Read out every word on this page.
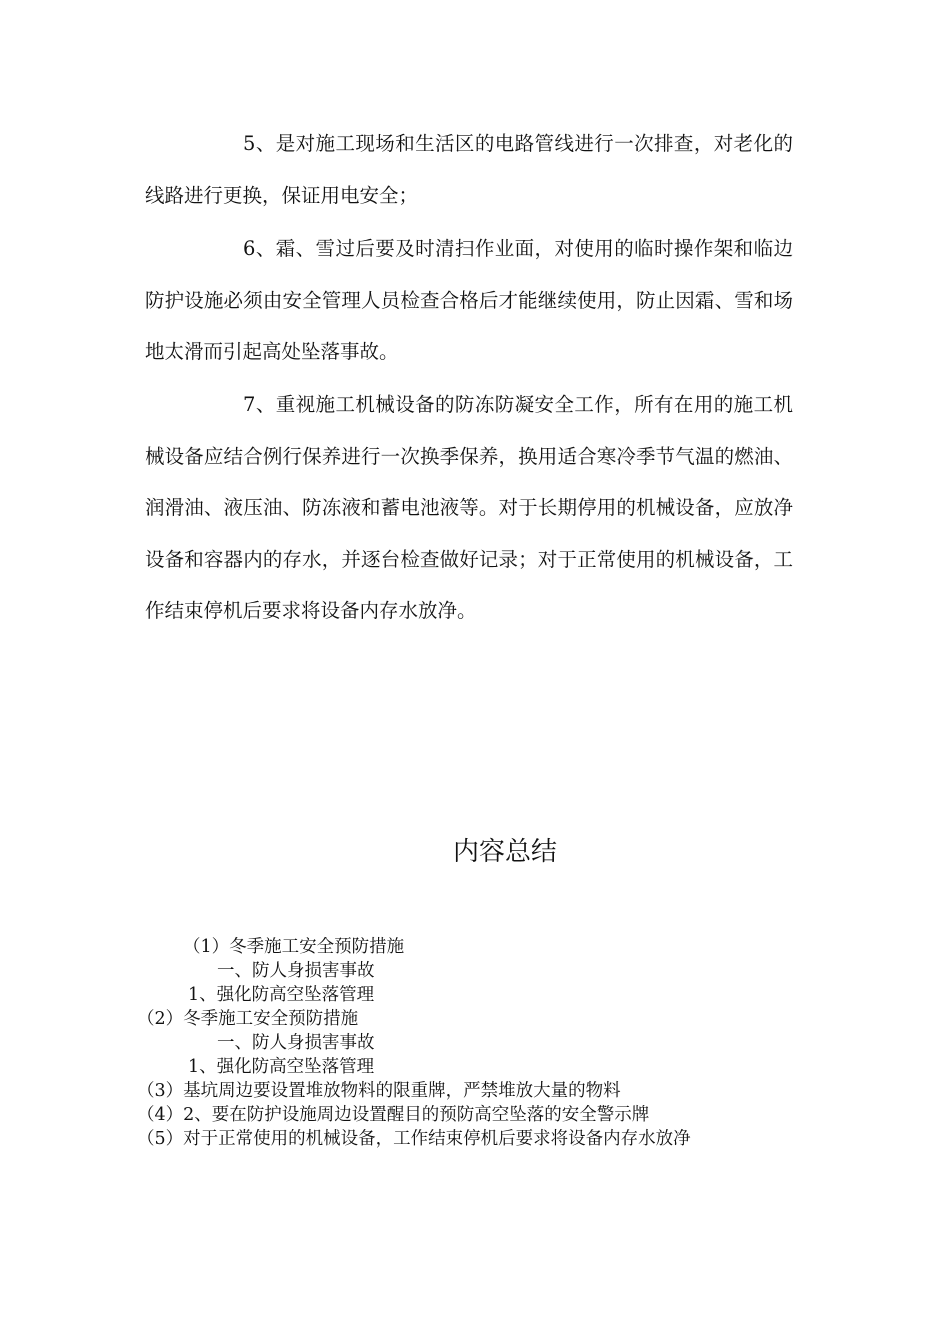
5、是对施工现场和生活区的电路管线进行一次排查，对老化的线路进行更换，保证用电安全；

6、霜、雪过后要及时清扫作业面，对使用的临时操作架和临边防护设施必须由安全管理人员检查合格后才能继续使用，防止因霜、雪和场地太滑而引起高处坠落事故。

7、重视施工机械设备的防冻防凝安全工作，所有在用的施工机械设备应结合例行保养进行一次换季保养，换用适合寒冷季节气温的燃油、润滑油、液压油、防冻液和蓄电池液等。对于长期停用的机械设备，应放净设备和容器内的存水，并逐台检查做好记录；对于正常使用的机械设备，工作结束停机后要求将设备内存水放净。

内容总结
（1）冬季施工安全预防措施
一、防人身损害事故
1、强化防高空坠落管理
（2）冬季施工安全预防措施
一、防人身损害事故
1、强化防高空坠落管理
（3）基坑周边要设置堆放物料的限重牌，严禁堆放大量的物料
（4）2、要在防护设施周边设置醒目的预防高空坠落的安全警示牌
（5）对于正常使用的机械设备，工作结束停机后要求将设备内存水放净
